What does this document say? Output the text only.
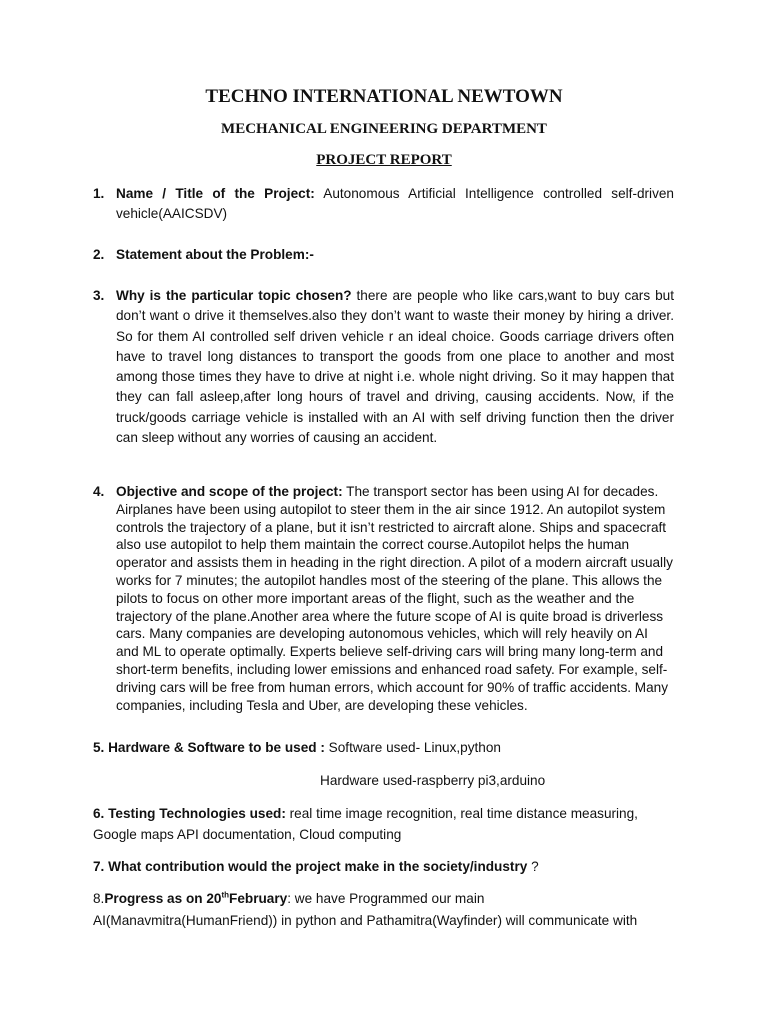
TECHNO INTERNATIONAL NEWTOWN
MECHANICAL ENGINEERING DEPARTMENT
PROJECT REPORT
1. Name / Title of the Project: Autonomous Artificial Intelligence controlled self-driven vehicle(AAICSDV)
2. Statement about the Problem:-
3. Why is the particular topic chosen? there are people who like cars,want to buy cars but don’t want o drive it themselves.also they don’t want to waste their money by hiring a driver. So for them AI controlled self driven vehicle r an ideal choice. Goods carriage drivers often have to travel long distances to transport the goods from one place to another and most among those times they have to drive at night i.e. whole night driving. So it may happen that they can fall asleep,after long hours of travel and driving, causing accidents. Now, if the truck/goods carriage vehicle is installed with an AI with self driving function then the driver can sleep without any worries of causing an accident.
4. Objective and scope of the project: The transport sector has been using AI for decades. Airplanes have been using autopilot to steer them in the air since 1912. An autopilot system controls the trajectory of a plane, but it isn’t restricted to aircraft alone. Ships and spacecraft also use autopilot to help them maintain the correct course.Autopilot helps the human operator and assists them in heading in the right direction. A pilot of a modern aircraft usually works for 7 minutes; the autopilot handles most of the steering of the plane. This allows the pilots to focus on other more important areas of the flight, such as the weather and the trajectory of the plane.Another area where the future scope of AI is quite broad is driverless cars. Many companies are developing autonomous vehicles, which will rely heavily on AI and ML to operate optimally. Experts believe self-driving cars will bring many long-term and short-term benefits, including lower emissions and enhanced road safety. For example, self-driving cars will be free from human errors, which account for 90% of traffic accidents. Many companies, including Tesla and Uber, are developing these vehicles.
5. Hardware & Software to be used : Software used- Linux,python
Hardware used-raspberry pi3,arduino
6. Testing Technologies used: real time image recognition, real time distance measuring, Google maps API documentation, Cloud computing
7. What contribution would the project make in the society/industry ?
8.Progress as on 20thFebruary: we have Programmed our main
AI(Manavmitra(HumanFriend)) in python and Pathamitra(Wayfinder) will communicate with
